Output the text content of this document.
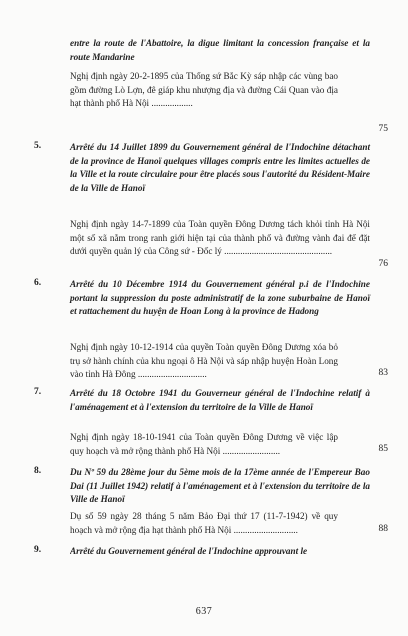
entre la route de l'Abattoire, la digue limitant la concession française et la route Mandarine
Nghị định ngày 20-2-1895 của Thống sứ Bắc Kỳ sáp nhập các vùng bao gồm đường Lò Lợn, đê giáp khu nhượng địa và đường Cái Quan vào địa hạt thành phố Hà Nội ..................
75
5.	Arrêté du 14 Juillet 1899 du Gouvernement général de l'Indochine détachant de la province de Hanoï quelques villages compris entre les limites actuelles de la Ville et la route circulaire pour être placés sous l'autorité du Résident-Maire de la Ville de Hanoï
Nghị định ngày 14-7-1899 của Toàn quyền Đông Dương tách khỏi tỉnh Hà Nội một số xã nằm trong ranh giới hiện tại của thành phố và đường vành đai để đặt dưới quyền quản lý của Công sứ - Đốc lý ...............................................
76
6.	Arrêté du 10 Décembre 1914 du Gouvernement général p.i de l'Indochine portant la suppression du poste administratif de la zone suburbaine de Hanoï et rattachement du huyện de Hoan Long à la province de Hadong
Nghị định ngày 10-12-1914 của quyền Toàn quyền Đông Dương xóa bỏ trụ sở hành chính của khu ngoại ô Hà Nội và sáp nhập huyện Hoàn Long vào tỉnh Hà Đông ..............................	83
7.	Arrêté du 18 Octobre 1941 du Gouverneur général de l'Indochine relatif à l'aménagement et à l'extension du territoire de la Ville de Hanoï
Nghị định ngày 18-10-1941 của Toàn quyền Đông Dương về việc lập quy hoạch và mở rộng thành phố Hà Nội .........................	85
8.	Du Nº 59 du 28ème jour du 5ème mois de la 17ème année de l'Empereur Bao Dai (11 Juillet 1942) relatif à l'aménagement et à l'extension du territoire de la Ville de Hanoï
Dụ số 59 ngày 28 tháng 5 năm Bảo Đại thứ 17 (11-7-1942) về quy hoạch và mở rộng địa hạt thành phố Hà Nội ............................	88
9.	Arrêté du Gouvernement général de l'Indochine approuvant le
637
